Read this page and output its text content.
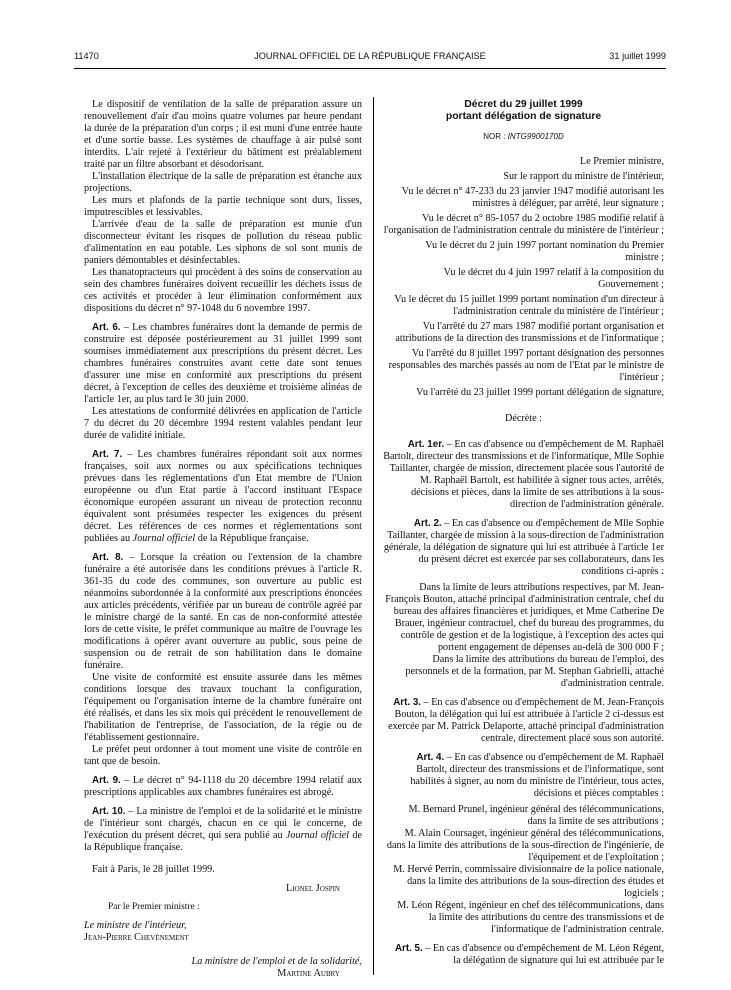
11470	JOURNAL OFFICIEL DE LA RÉPUBLIQUE FRANÇAISE	31 juillet 1999

Le dispositif de ventilation de la salle de préparation assure un renouvellement d'air d'au moins quatre volumes par heure pendant la durée de la préparation d'un corps ; il est muni d'une entrée haute et d'une sortie basse. Les systèmes de chauffage à air pulsé sont interdits. L'air rejeté à l'extérieur du bâtiment est préalablement traité par un filtre absorbant et désodorisant.

L'installation électrique de la salle de préparation est étanche aux projections.

Les murs et plafonds de la partie technique sont durs, lisses, imputrescibles et lessivables.

L'arrivée d'eau de la salle de préparation est munie d'un disconnecteur évitant les risques de pollution du réseau public d'alimentation en eau potable. Les siphons de sol sont munis de paniers démontables et désinfectables.

Les thanatopracteurs qui procèdent à des soins de conservation au sein des chambres funéraires doivent recueillir les déchets issus de ces activités et procéder à leur élimination conformément aux dispositions du décret n° 97-1048 du 6 novembre 1997.

Art. 6. – Les chambres funéraires dont la demande de permis de construire est déposée postérieurement au 31 juillet 1999 sont soumises immédiatement aux prescriptions du présent décret. Les chambres funéraires construites avant cette date sont tenues d'assurer une mise en conformité aux prescriptions du présent décret, à l'exception de celles des deuxième et troisième alinéas de l'article 1er, au plus tard le 30 juin 2000.

Les attestations de conformité délivrées en application de l'article 7 du décret du 20 décembre 1994 restent valables pendant leur durée de validité initiale.

Art. 7. – Les chambres funéraires répondant soit aux normes françaises, soit aux normes ou aux spécifications techniques prévues dans les réglementations d'un Etat membre de l'Union européenne ou d'un Etat partie à l'accord instituant l'Espace économique européen assurant un niveau de protection reconnu équivalent sont présumées respecter les exigences du présent décret. Les références de ces normes et réglementations sont publiées au Journal officiel de la République française.

Art. 8. – Lorsque la création ou l'extension de la chambre funéraire a été autorisée dans les conditions prévues à l'article R. 361-35 du code des communes, son ouverture au public est néanmoins subordonnée à la conformité aux prescriptions énoncées aux articles précédents, vérifiée par un bureau de contrôle agréé par le ministre chargé de la santé. En cas de non-conformité attestée lors de cette visite, le préfet communique au maître de l'ouvrage les modifications à opérer avant ouverture au public, sous peine de suspension ou de retrait de son habilitation dans le domaine funéraire.

Une visite de conformité est ensuite assurée dans les mêmes conditions lorsque des travaux touchant la configuration, l'équipement ou l'organisation interne de la chambre funéraire ont été réalisés, et dans les six mois qui précèdent le renouvellement de l'habilitation de l'entreprise, de l'association, de la régie ou de l'établissement gestionnaire.

Le préfet peut ordonner à tout moment une visite de contrôle en tant que de besoin.

Art. 9. – Le décret n° 94-1118 du 20 décembre 1994 relatif aux prescriptions applicables aux chambres funéraires est abrogé.

Art. 10. – La ministre de l'emploi et de la solidarité et le ministre de l'intérieur sont chargés, chacun en ce qui le concerne, de l'exécution du présent décret, qui sera publié au Journal officiel de la République française.

Fait à Paris, le 28 juillet 1999.

Lionel Jospin

Par le Premier ministre :

Le ministre de l'intérieur,

Jean-Pierre Chevènement

La ministre de l'emploi et de la solidarité,

Martine Aubry

Décret du 29 juillet 1999

portant délégation de signature

NOR : INTG9900170D

Le Premier ministre,

Sur le rapport du ministre de l'intérieur,

Vu le décret n° 47-233 du 23 janvier 1947 modifié autorisant les ministres à déléguer, par arrêté, leur signature ;

Vu le décret n° 85-1057 du 2 octobre 1985 modifié relatif à l'organisation de l'administration centrale du ministère de l'intérieur ;

Vu le décret du 2 juin 1997 portant nomination du Premier ministre ;

Vu le décret du 4 juin 1997 relatif à la composition du Gouvernement ;

Vu le décret du 15 juillet 1999 portant nomination d'un directeur à l'administration centrale du ministère de l'intérieur ;

Vu l'arrêté du 27 mars 1987 modifié portant organisation et attributions de la direction des transmissions et de l'informatique ;

Vu l'arrêté du 8 juillet 1997 portant désignation des personnes responsables des marchés passés au nom de l'Etat par le ministre de l'intérieur ;

Vu l'arrêté du 23 juillet 1999 portant délégation de signature,

Décrète :

Art. 1er. – En cas d'absence ou d'empêchement de M. Raphaël Bartolt, directeur des transmissions et de l'informatique, Mlle Sophie Taillanter, chargée de mission, directement placée sous l'autorité de M. Raphaël Bartolt, est habilitée à signer tous actes, arrêtés, décisions et pièces, dans la limite de ses attributions à la sous-direction de l'administration générale.

Art. 2. – En cas d'absence ou d'empêchement de Mlle Sophie Taillanter, chargée de mission à la sous-direction de l'administration générale, la délégation de signature qui lui est attribuée à l'article 1er du présent décret est exercée par ses collaborateurs, dans les conditions ci-après :

Dans la limite de leurs attributions respectives, par M. Jean-François Bouton, attaché principal d'administration centrale, chef du bureau des affaires financières et juridiques, et Mme Catherine De Brauer, ingénieur contractuel, chef du bureau des programmes, du contrôle de gestion et de la logistique, à l'exception des actes qui portent engagement de dépenses au-delà de 300 000 F ;

Dans la limite des attributions du bureau de l'emploi, des personnels et de la formation, par M. Stephan Gabrielli, attaché d'administration centrale.

Art. 3. – En cas d'absence ou d'empêchement de M. Jean-François Bouton, la délégation qui lui est attribuée à l'article 2 ci-dessus est exercée par M. Patrick Delaporte, attaché principal d'administration centrale, directement placé sous son autorité.

Art. 4. – En cas d'absence ou d'empêchement de M. Raphaël Bartolt, directeur des transmissions et de l'informatique, sont habilités à signer, au nom du ministre de l'intérieur, tous actes, décisions et pièces comptables :

M. Bernard Prunel, ingénieur général des télécommunications, dans la limite de ses attributions ;

M. Alain Coursaget, ingénieur général des télécommunications, dans la limite des attributions de la sous-direction de l'ingénierie, de l'équipement et de l'exploitation ;

M. Hervé Perrin, commissaire divisionnaire de la police nationale, dans la limite des attributions de la sous-direction des études et logiciels ;

M. Léon Régent, ingénieur en chef des télécommunications, dans la limite des attributions du centre des transmissions et de l'informatique de l'administration centrale.

Art. 5. – En cas d'absence ou d'empêchement de M. Léon Régent, la délégation de signature qui lui est attribuée par le
